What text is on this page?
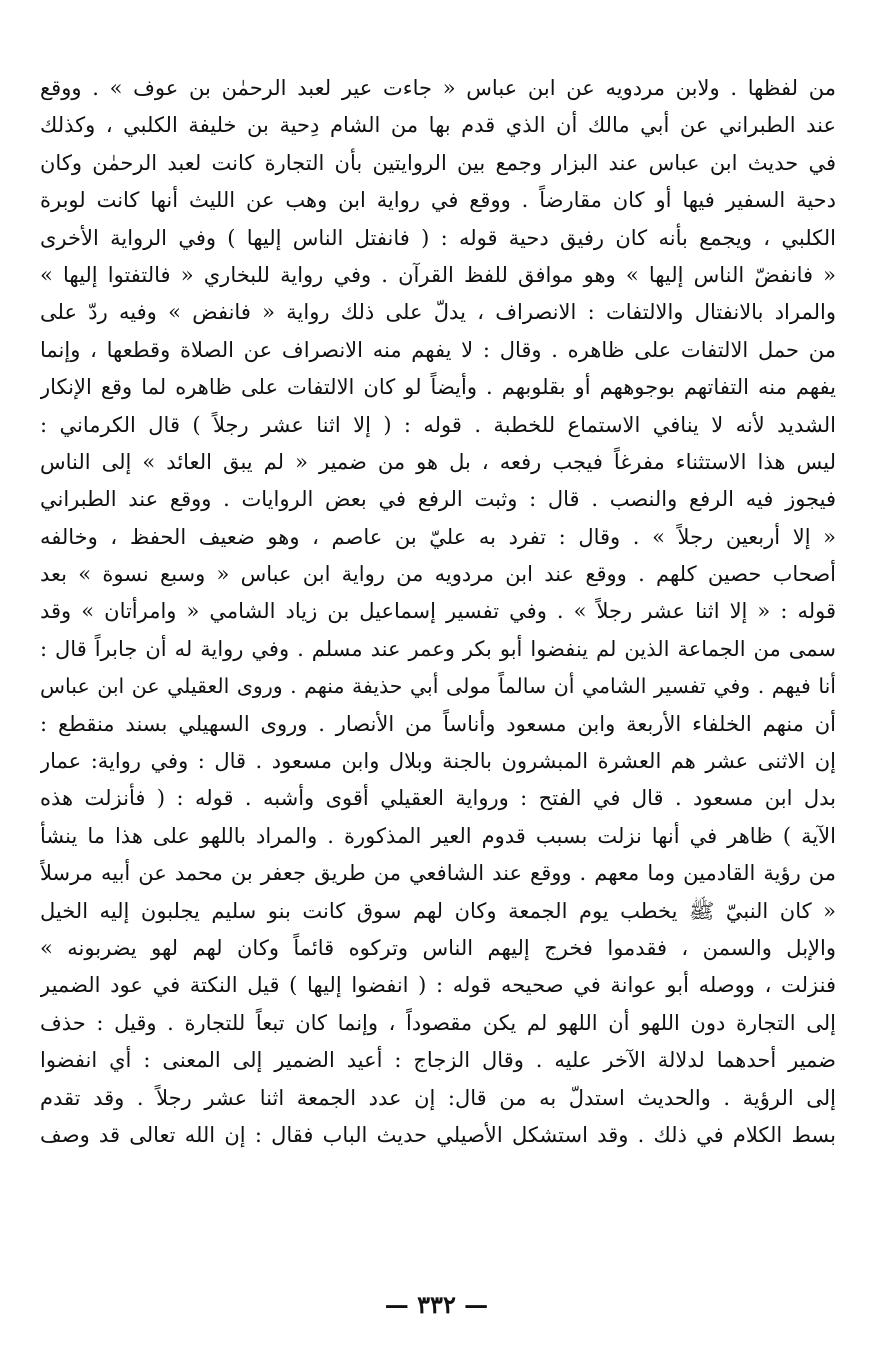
من لفظها . ولابن مردويه عن ابن عباس « جاءت عير لعبد الرحمٰن بن عوف » . ووقع
عند الطبراني عن أبي مالك أن الذي قدم بها من الشام دِحية بن خليفة الكلبي ، وكذلك
في حديث ابن عباس عند البزار وجمع بين الروايتين بأن التجارة كانت لعبد الرحمٰن وكان
دحية السفير فيها أو كان مقارضاً . ووقع في رواية ابن وهب عن الليث أنها كانت لوبرة
الكلبي ، ويجمع بأنه كان رفيق دحية قوله : ( فانفتل الناس إليها ) وفي الرواية الأخرى
« فانفضّ الناس إليها » وهو موافق للفظ القرآن . وفي رواية للبخاري « فالتفتوا إليها »
والمراد بالانفتال والالتفات : الانصراف ، يدلّ على ذلك رواية « فانفض » وفيه ردّ على
من حمل الالتفات على ظاهره . وقال : لا يفهم منه الانصراف عن الصلاة وقطعها ، وإنما
يفهم منه التفاتهم بوجوههم أو بقلوبهم . وأيضاً لو كان الالتفات على ظاهره لما وقع الإنكار
الشديد لأنه لا ينافي الاستماع للخطبة . قوله : ( إلا اثنا عشر رجلاً ) قال الكرماني :
ليس هذا الاستثناء مفرغاً فيجب رفعه ، بل هو من ضمير « لم يبق العائد » إلى الناس
فيجوز فيه الرفع والنصب . قال : وثبت الرفع في بعض الروايات . ووقع عند الطبراني
« إلا أربعين رجلاً » . وقال : تفرد به عليّ بن عاصم ، وهو ضعيف الحفظ ، وخالفه
أصحاب حصين كلهم . ووقع عند ابن مردويه من رواية ابن عباس « وسبع نسوة » بعد
قوله : « إلا اثنا عشر رجلاً » . وفي تفسير إسماعيل بن زياد الشامي « وامرأتان » وقد
سمى من الجماعة الذين لم ينفضوا أبو بكر وعمر عند مسلم . وفي رواية له أن جابراً قال :
أنا فيهم . وفي تفسير الشامي أن سالماً مولى أبي حذيفة منهم . وروى العقيلي عن ابن عباس
أن منهم الخلفاء الأربعة وابن مسعود وأناساً من الأنصار . وروى السهيلي بسند منقطع :
إن الاثنى عشر هم العشرة المبشرون بالجنة وبلال وابن مسعود . قال : وفي رواية: عمار
بدل ابن مسعود . قال في الفتح : ورواية العقيلي أقوى وأشبه . قوله : ( فأنزلت هذه
الآية ) ظاهر في أنها نزلت بسبب قدوم العير المذكورة . والمراد باللهو على هذا ما ينشأ
من رؤية القادمين وما معهم . ووقع عند الشافعي من طريق جعفر بن محمد عن أبيه مرسلاً
« كان النبيّ ﷺ يخطب يوم الجمعة وكان لهم سوق كانت بنو سليم يجلبون إليه الخيل
والإبل والسمن ، فقدموا فخرج إليهم الناس وتركوه قائماً وكان لهم لهو يضربونه »
فنزلت ، ووصله أبو عوانة في صحيحه قوله : ( انفضوا إليها ) قيل النكتة في عود الضمير
إلى التجارة دون اللهو أن اللهو لم يكن مقصوداً ، وإنما كان تبعاً للتجارة . وقيل : حذف
ضمير أحدهما لدلالة الآخر عليه . وقال الزجاج : أعيد الضمير إلى المعنى : أي انفضوا
إلى الرؤية . والحديث استدلّ به من قال: إن عدد الجمعة اثنا عشر رجلاً . وقد تقدم
بسط الكلام في ذلك . وقد استشكل الأصيلي حديث الباب فقال : إن الله تعالى قد وصف
— ٣٣٢ —
